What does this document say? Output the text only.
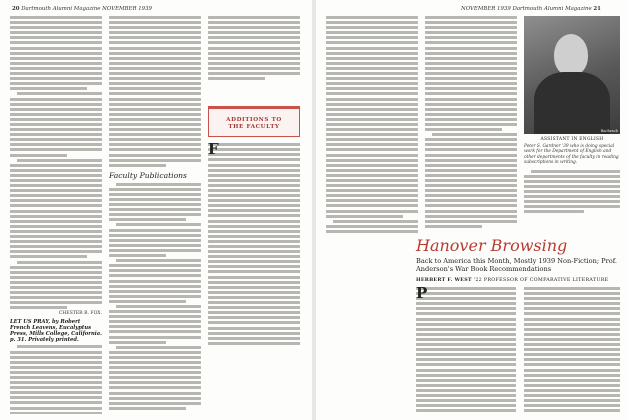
20 Dartmouth Alumni Magazine NOVEMBER 1939
CHESTER B. FOX.
LET US PRAY, by Robert French Leavens, Eucalyptus Press, Mills College, California. p. 31. Privately printed.
Faculty Publications
ADDITIONS TO
THE FACULTY
F
NOVEMBER 1939 Dartmouth Alumni Magazine 21
Bachrach
ASSISTANT IN ENGLISH
Peter S. Gardner '39 who is doing special work for the Department of English and other departments of the faculty in reading subscriptions in writing.
Hanover Browsing
Back to America this Month, Mostly 1939 Non-Fiction; Prof. Anderson's War Book Recommendations
HERBERT F. WEST '22 PROFESSOR OF COMPARATIVE LITERATURE
P
